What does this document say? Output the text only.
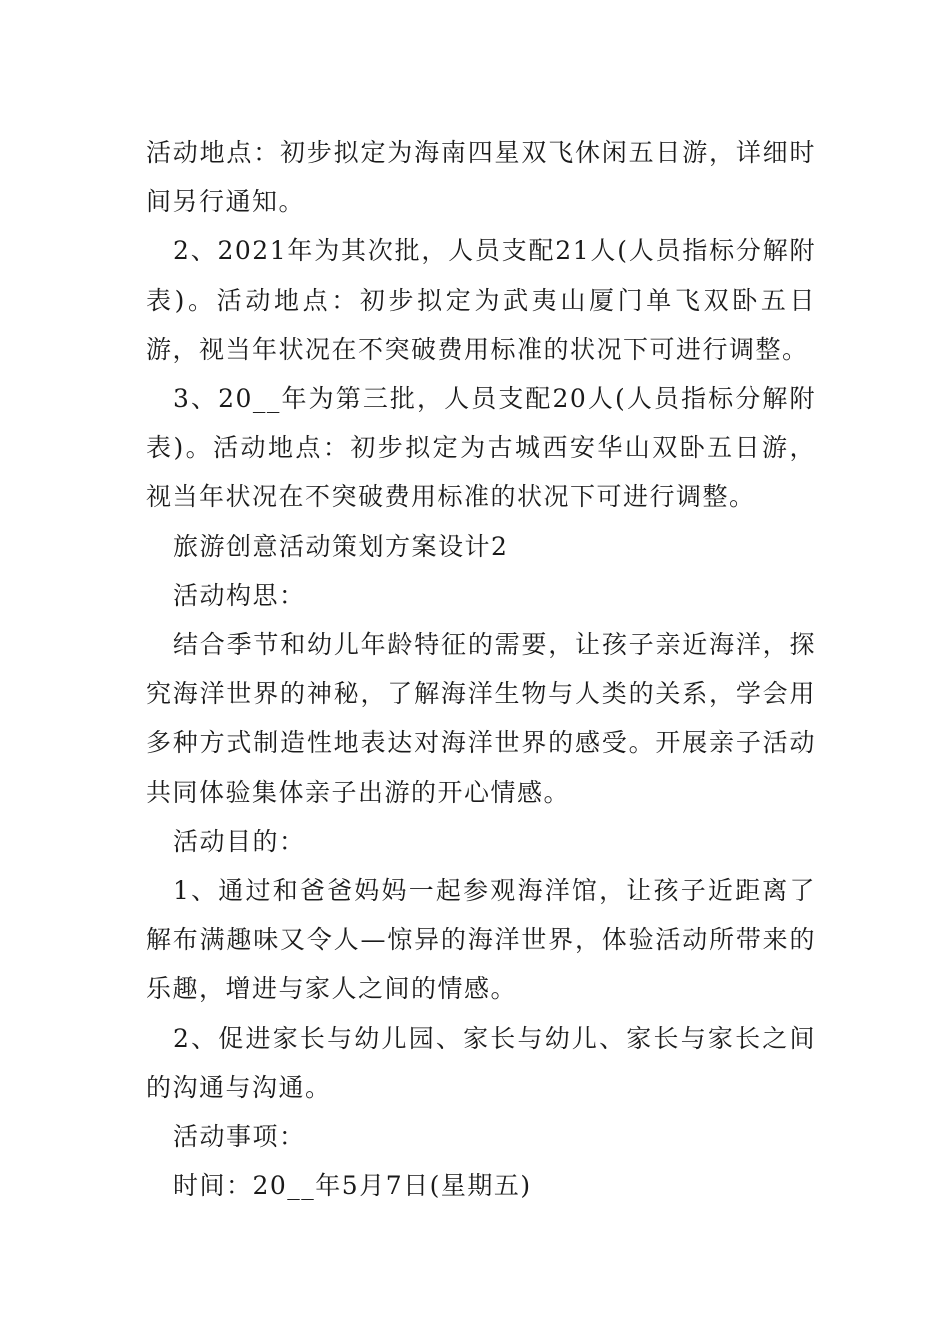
活动地点：初步拟定为海南四星双飞休闲五日游，详细时间另行通知。

2、2021年为其次批，人员支配21人(人员指标分解附表)。活动地点：初步拟定为武夷山厦门单飞双卧五日游，视当年状况在不突破费用标准的状况下可进行调整。

3、20__年为第三批，人员支配20人(人员指标分解附表)。活动地点：初步拟定为古城西安华山双卧五日游，视当年状况在不突破费用标准的状况下可进行调整。

旅游创意活动策划方案设计2

活动构思：

结合季节和幼儿年龄特征的需要，让孩子亲近海洋，探究海洋世界的神秘，了解海洋生物与人类的关系，学会用多种方式制造性地表达对海洋世界的感受。开展亲子活动共同体验集体亲子出游的开心情感。

活动目的：

1、通过和爸爸妈妈一起参观海洋馆，让孩子近距离了解布满趣味又令人—惊异的海洋世界，体验活动所带来的乐趣，增进与家人之间的情感。

2、促进家长与幼儿园、家长与幼儿、家长与家长之间的沟通与沟通。

活动事项：

时间：20__年5月7日(星期五)
